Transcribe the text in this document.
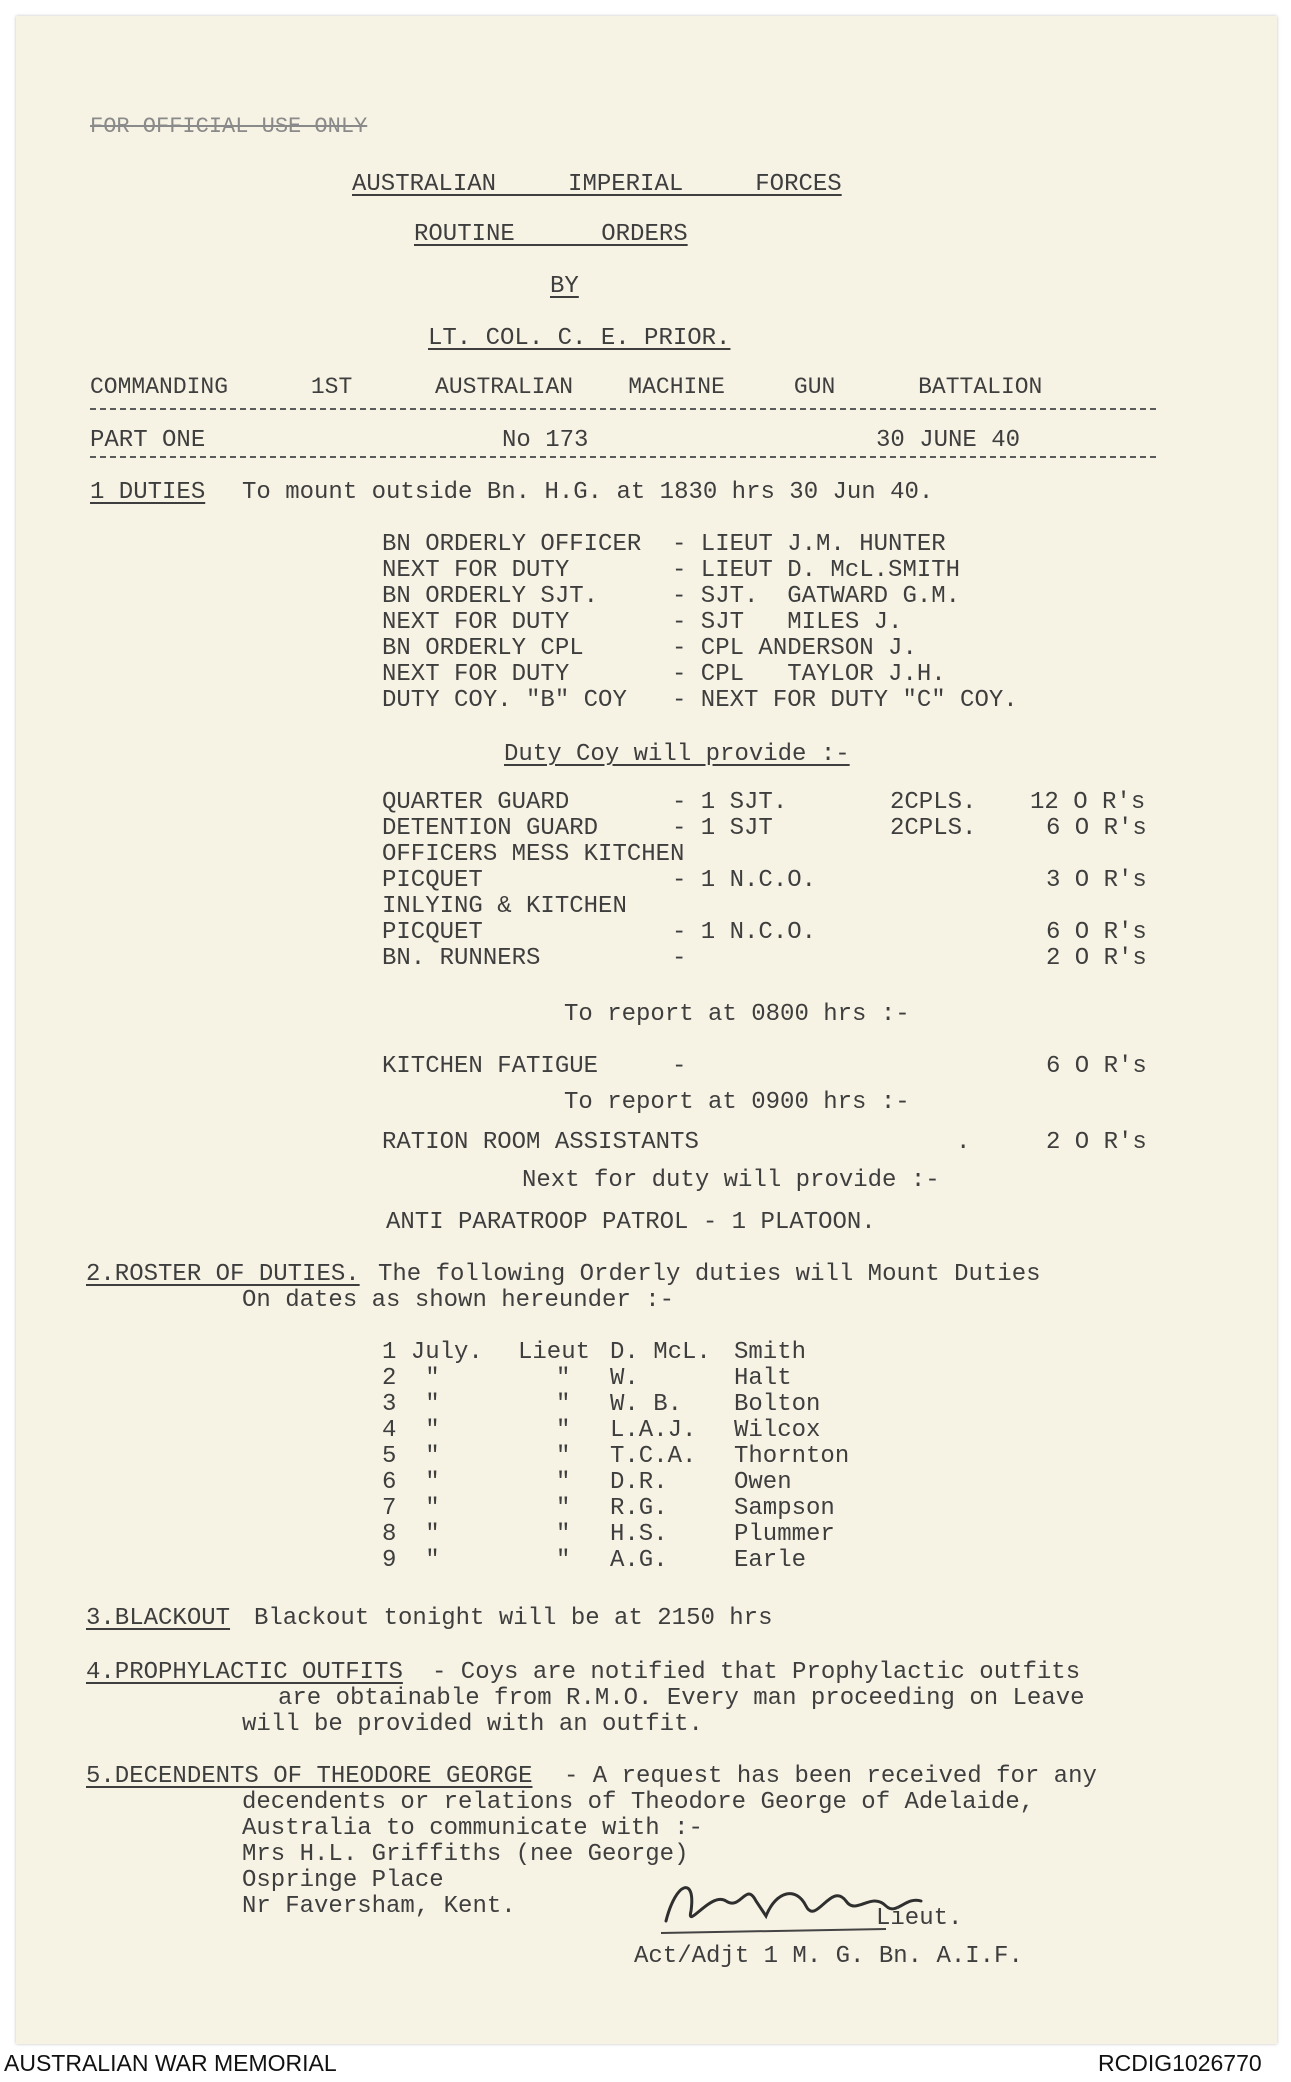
FOR OFFICIAL USE ONLY
AUSTRALIAN     IMPERIAL     FORCES
ROUTINE      ORDERS
BY
LT. COL. C. E. PRIOR.
COMMANDING      1ST      AUSTRALIAN    MACHINE     GUN      BATTALION
PART ONE	No 173	30 JUNE 40
1 DUTIES To mount outside Bn. H.G. at 1830 hrs 30 Jun 40.
BN ORDERLY OFFICER - LIEUT J.M. HUNTER
NEXT FOR DUTY	- LIEUT D. McL.SMITH
BN ORDERLY SJT.	- SJT.  GATWARD G.M.
NEXT FOR DUTY	- SJT   MILES J.
BN ORDERLY CPL	- CPL ANDERSON J.
NEXT FOR DUTY	- CPL   TAYLOR J.H.
DUTY COY. "B" COY - NEXT FOR DUTY "C" COY.
Duty Coy will provide :-
QUARTER GUARD	- 1 SJT.	2CPLS. 12 O R's
DETENTION GUARD	- 1 SJT	2CPLS.	6 O R's
OFFICERS MESS KITCHEN
PICQUET	- 1 N.C.O.	3 O R's
INLYING & KITCHEN
PICQUET	- 1 N.C.O.	6 O R's
BN. RUNNERS	-	2 O R's
To report at 0800 hrs :-
KITCHEN FATIGUE	-	6 O R's
To report at 0900 hrs :-
RATION ROOM ASSISTANTS	.	2 O R's
Next for duty will provide :-
ANTI PARATROOP PATROL - 1 PLATOON.
2.ROSTER OF DUTIES. The following Orderly duties will Mount Duties
On dates as shown hereunder :-
1 July. Lieut D. McL. Smith
2  "	" W.	Halt
3  "	" W. B. Bolton
4  "	" L.A.J. Wilcox
5  "	" T.C.A. Thornton
6  "	" D.R.	Owen
7  "	" R.G.	Sampson
8  "	" H.S.	Plummer
9  "	" A.G.	Earle
3.BLACKOUT Blackout tonight will be at 2150 hrs
4.PROPHYLACTIC OUTFITS - Coys are notified that Prophylactic outfits
are obtainable from R.M.O. Every man proceeding on Leave
will be provided with an outfit.
5.DECENDENTS OF THEODORE GEORGE - A request has been received for any
decendents or relations of Theodore George of Adelaide,
Australia to communicate with :-
Mrs H.L. Griffiths (nee George)
Ospringe Place
Nr Faversham, Kent.	Lieut.
Act/Adjt 1 M. G. Bn. A.I.F.
AUSTRALIAN WAR MEMORIAL	RCDIG1026770
